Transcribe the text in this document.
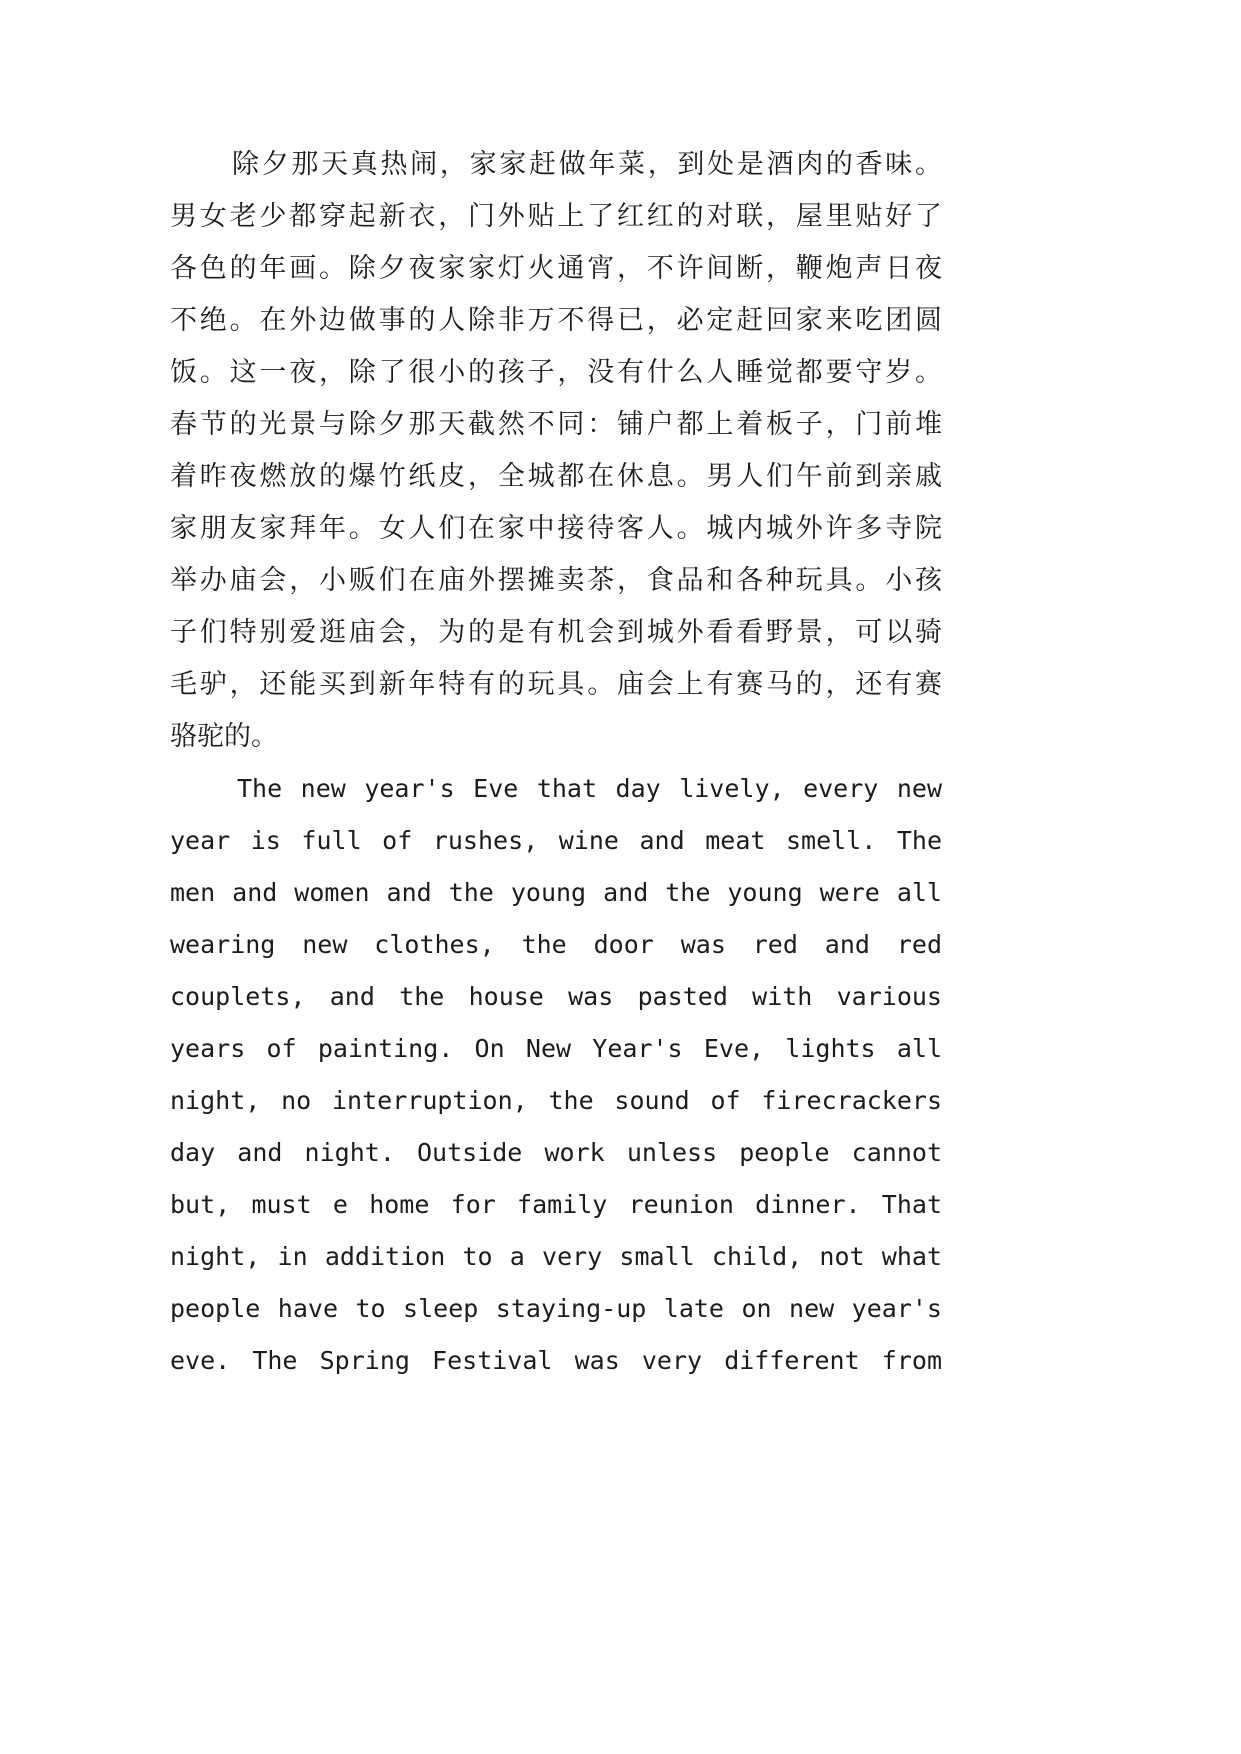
除夕那天真热闹，家家赶做年菜，到处是酒肉的香味。
男女老少都穿起新衣，门外贴上了红红的对联，屋里贴好了
各色的年画。除夕夜家家灯火通宵，不许间断，鞭炮声日夜
不绝。在外边做事的人除非万不得已，必定赶回家来吃团圆
饭。这一夜，除了很小的孩子，没有什么人睡觉都要守岁。
春节的光景与除夕那天截然不同：铺户都上着板子，门前堆
着昨夜燃放的爆竹纸皮，全城都在休息。男人们午前到亲戚
家朋友家拜年。女人们在家中接待客人。城内城外许多寺院
举办庙会，小贩们在庙外摆摊卖茶，食品和各种玩具。小孩
子们特别爱逛庙会，为的是有机会到城外看看野景，可以骑
毛驴，还能买到新年特有的玩具。庙会上有赛马的，还有赛
骆驼的。
The new year's Eve that day lively, every new
year is full of rushes, wine and meat smell. The
men and women and the young and the young were all
wearing new clothes, the door was red and red
couplets, and the house was pasted with various
years of painting. On New Year's Eve, lights all
night, no interruption, the sound of firecrackers
day and night. Outside work unless people cannot
but, must e home for family reunion dinner. That
night, in addition to a very small child, not what
people have to sleep staying-up late on new year's
eve. The Spring Festival was very different from
